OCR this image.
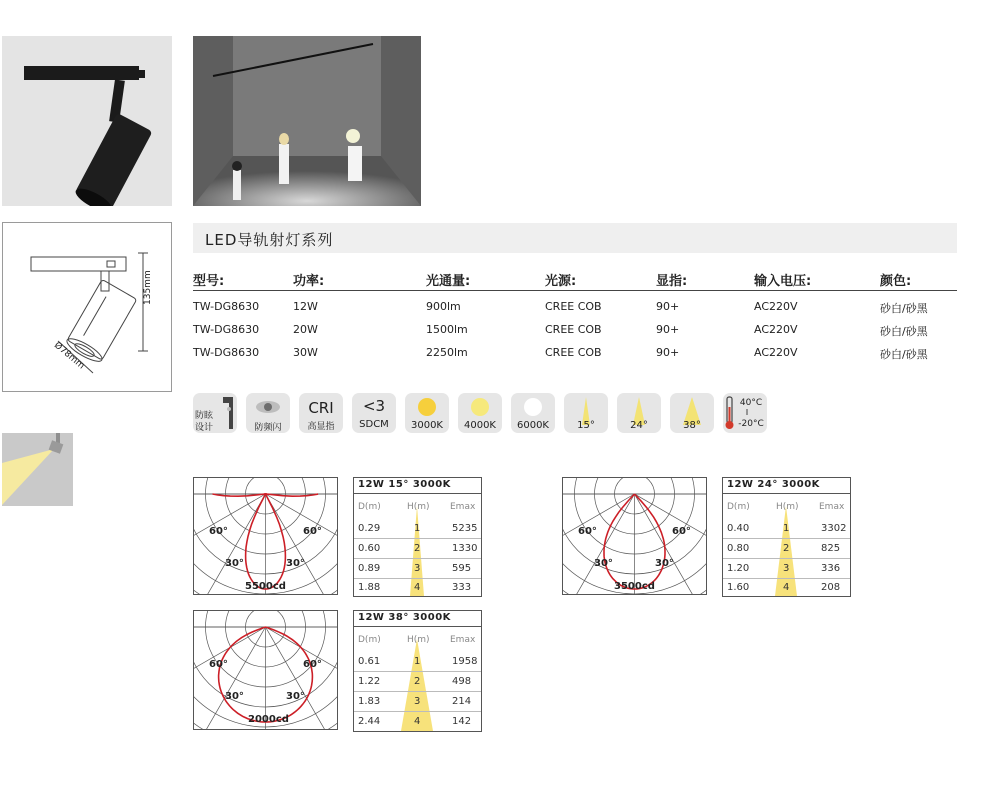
135mm
Ø78mm
LED导轨射灯系列
型号:	功率:	光通量:	光源:	显指:	输入电压:	颜色:
TW-DG8630	12W	900lm	CREE COB	90+	AC220V	砂白/砂黑
TW-DG8630	20W	1500lm	CREE COB	90+	AC220V	砂白/砂黑
TW-DG8630	30W	2250lm	CREE COB	90+	AC220V	砂白/砂黑
防眩
设计	防频闪
CRI
高显指
<3
SDCM	3000K	4000K	6000K	15°	24°	38°
40°C
-20°C
60°	60°
30°	30°
5500cd
12W 15° 3000K
D(m)	H(m) Emax
0.29	1	5235
0.60	2	1330
0.89	3	595
1.88	4	333
60°	60°
30°	30°
3500cd
12W 24° 3000K
D(m)	H(m) Emax
0.40	1	3302
0.80	2	825
1.20	3	336
1.60	4	208
60°	60°
30°	30°
2000cd
12W 38° 3000K
D(m)	H(m) Emax
0.61	1	1958
1.22	2	498
1.83	3	214
2.44	4	142
